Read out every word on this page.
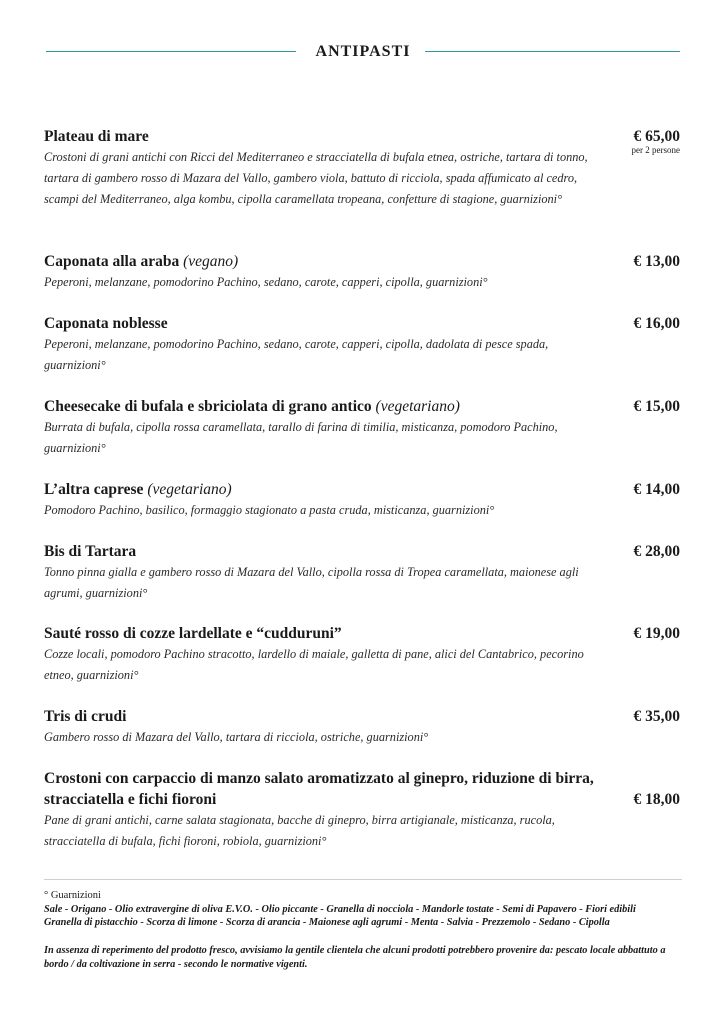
ANTIPASTI
Plateau di mare	€ 65,00
per 2 persone
Crostoni di grani antichi con Ricci del Mediterraneo e stracciatella di bufala etnea, ostriche, tartara di tonno, tartara di gambero rosso di Mazara del Vallo, gambero viola, battuto di ricciola, spada affumicato al cedro, scampi del Mediterraneo, alga kombu, cipolla caramellata tropeana, confetture di stagione, guarnizioni°
Caponata alla araba (vegano)	€ 13,00
Peperoni, melanzane, pomodorino Pachino, sedano, carote, capperi, cipolla, guarnizioni°
Caponata noblesse	€ 16,00
Peperoni, melanzane, pomodorino Pachino, sedano, carote, capperi, cipolla, dadolata di pesce spada, guarnizioni°
Cheesecake di bufala e sbriciolata di grano antico (vegetariano)	€ 15,00
Burrata di bufala, cipolla rossa caramellata, tarallo di farina di timilia, misticanza, pomodoro Pachino, guarnizioni°
L’altra caprese (vegetariano)	€ 14,00
Pomodoro Pachino, basilico, formaggio stagionato a pasta cruda, misticanza, guarnizioni°
Bis di Tartara	€ 28,00
Tonno pinna gialla e gambero rosso di Mazara del Vallo, cipolla rossa di Tropea caramellata, maionese agli agrumi, guarnizioni°
Sauté rosso di cozze lardellate e “cudduruni”	€ 19,00
Cozze locali, pomodoro Pachino stracotto, lardello di maiale, galletta di pane, alici del Cantabrico, pecorino etneo, guarnizioni°
Tris di crudi	€ 35,00
Gambero rosso di Mazara del Vallo, tartara di ricciola, ostriche, guarnizioni°
Crostoni con carpaccio di manzo salato aromatizzato al ginepro, riduzione di birra, stracciatella e fichi fioroni	€ 18,00
Pane di grani antichi, carne salata stagionata, bacche di ginepro, birra artigianale, misticanza, rucola, stracciatella di bufala, fichi fioroni, robiola, guarnizioni°
° Guarnizioni
Sale - Origano - Olio extravergine di oliva E.V.O. - Olio piccante - Granella di nocciola - Mandorle tostate - Semi di Papavero - Fiori edibili
Granella di pistacchio - Scorza di limone - Scorza di arancia - Maionese agli agrumi - Menta - Salvia - Prezzemolo - Sedano - Cipolla
In assenza di reperimento del prodotto fresco, avvisiamo la gentile clientela che alcuni prodotti potrebbero provenire da: pescato locale abbattuto a bordo / da coltivazione in serra - secondo le normative vigenti.
